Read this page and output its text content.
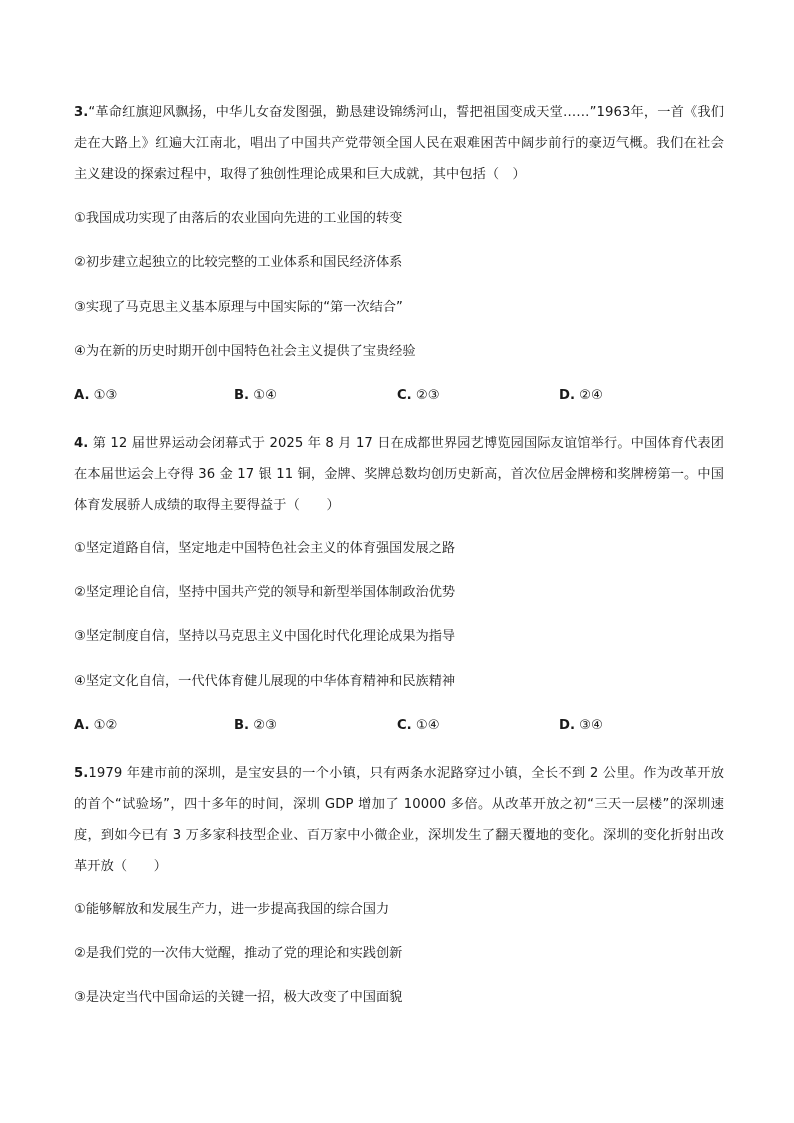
3.“革命红旗迎风飘扬，中华儿女奋发图强，勤恳建设锦绣河山，誓把祖国变成天堂……”1963年，一首《我们走在大路上》红遍大江南北，唱出了中国共产党带领全国人民在艰难困苦中阔步前行的豪迈气概。我们在社会主义建设的探索过程中，取得了独创性理论成果和巨大成就，其中包括（　）
①我国成功实现了由落后的农业国向先进的工业国的转变
②初步建立起独立的比较完整的工业体系和国民经济体系
③实现了马克思主义基本原理与中国实际的“第一次结合”
④为在新的历史时期开创中国特色社会主义提供了宝贵经验
A. ①③	B. ①④	C. ②③	D. ②④
4. 第 12 届世界运动会闭幕式于 2025 年 8 月 17 日在成都世界园艺博览园国际友谊馆举行。中国体育代表团在本届世运会上夺得 36 金 17 银 11 铜，金牌、奖牌总数均创历史新高，首次位居金牌榜和奖牌榜第一。中国体育发展骄人成绩的取得主要得益于（　　）
①坚定道路自信，坚定地走中国特色社会主义的体育强国发展之路
②坚定理论自信，坚持中国共产党的领导和新型举国体制政治优势
③坚定制度自信，坚持以马克思主义中国化时代化理论成果为指导
④坚定文化自信，一代代体育健儿展现的中华体育精神和民族精神
A. ①②	B. ②③	C. ①④	D. ③④
5.1979 年建市前的深圳，是宝安县的一个小镇，只有两条水泥路穿过小镇，全长不到 2 公里。作为改革开放的首个“试验场”，四十多年的时间，深圳 GDP 增加了 10000 多倍。从改革开放之初“三天一层楼”的深圳速度，到如今已有 3 万多家科技型企业、百万家中小微企业，深圳发生了翻天覆地的变化。深圳的变化折射出改革开放（　　）
①能够解放和发展生产力，进一步提高我国的综合国力
②是我们党的一次伟大觉醒，推动了党的理论和实践创新
③是决定当代中国命运的关键一招，极大改变了中国面貌
